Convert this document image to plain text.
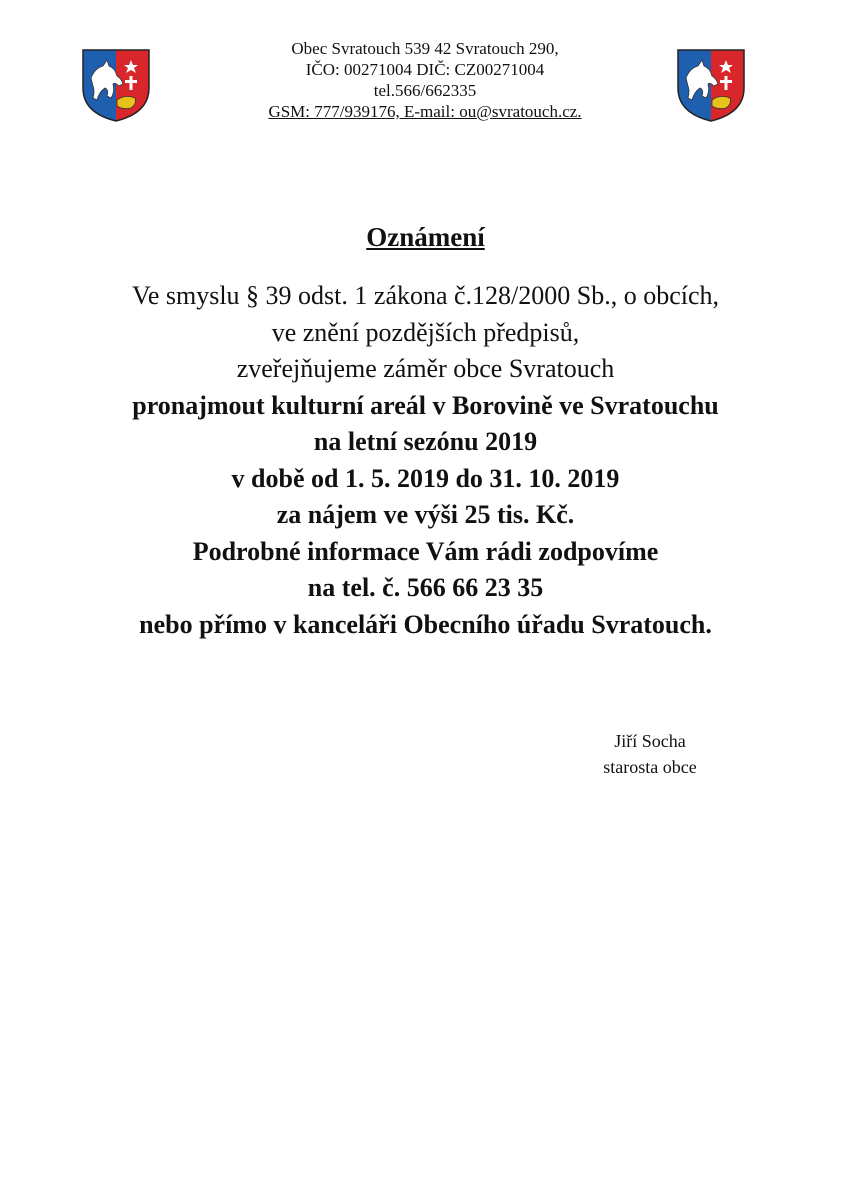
Obec Svratouch 539 42 Svratouch 290,
IČO: 00271004 DIČ: CZ00271004
tel.566/662335
GSM: 777/939176, E-mail: ou@svratouch.cz.
Oznámení
Ve smyslu § 39 odst. 1 zákona č.128/2000 Sb., o obcích,
ve znění pozdějších předpisů,
zveřejňujeme záměr obce Svratouch
pronajmout kulturní areál v Borovině ve Svratouchu
na letní sezónu 2019
v době od 1. 5. 2019 do 31. 10. 2019
za nájem ve výši 25 tis. Kč.
Podrobné informace Vám rádi zodpovíme
na tel. č. 566 66 23 35
nebo přímo v kanceláři Obecního úřadu Svratouch.
Jiří Socha
starosta obce
